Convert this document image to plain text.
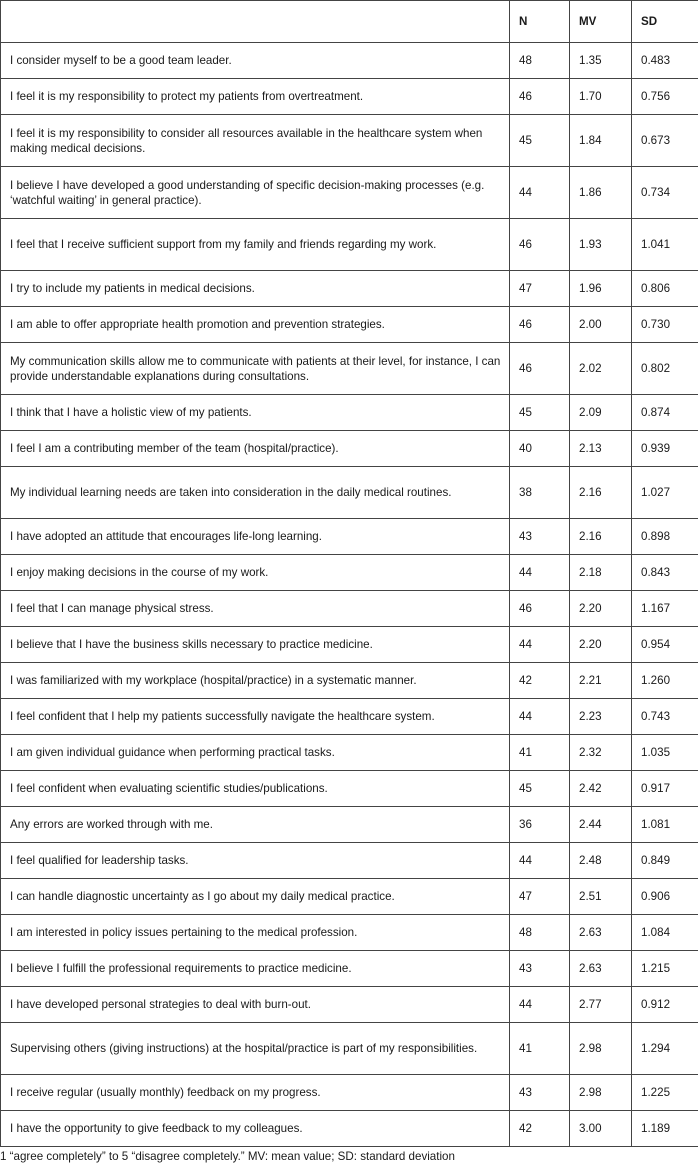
	N	MV	SD
I consider myself to be a good team leader.	48	1.35	0.483
I feel it is my responsibility to protect my patients from overtreatment.	46	1.70	0.756
I feel it is my responsibility to consider all resources available in the healthcare system when making medical decisions.	45	1.84	0.673
I believe I have developed a good understanding of specific decision-making processes (e.g. ‘watchful waiting’ in general practice).	44	1.86	0.734
I feel that I receive sufficient support from my family and friends regarding my work.	46	1.93	1.041
I try to include my patients in medical decisions.	47	1.96	0.806
I am able to offer appropriate health promotion and prevention strategies.	46	2.00	0.730
My communication skills allow me to communicate with patients at their level, for instance, I can provide understandable explanations during consultations.	46	2.02	0.802
I think that I have a holistic view of my patients.	45	2.09	0.874
I feel I am a contributing member of the team (hospital/practice).	40	2.13	0.939
My individual learning needs are taken into consideration in the daily medical routines.	38	2.16	1.027
I have adopted an attitude that encourages life-long learning.	43	2.16	0.898
I enjoy making decisions in the course of my work.	44	2.18	0.843
I feel that I can manage physical stress.	46	2.20	1.167
I believe that I have the business skills necessary to practice medicine.	44	2.20	0.954
I was familiarized with my workplace (hospital/practice) in a systematic manner.	42	2.21	1.260
I feel confident that I help my patients successfully navigate the healthcare system.	44	2.23	0.743
I am given individual guidance when performing practical tasks.	41	2.32	1.035
I feel confident when evaluating scientific studies/publications.	45	2.42	0.917
Any errors are worked through with me.	36	2.44	1.081
I feel qualified for leadership tasks.	44	2.48	0.849
I can handle diagnostic uncertainty as I go about my daily medical practice.	47	2.51	0.906
I am interested in policy issues pertaining to the medical profession.	48	2.63	1.084
I believe I fulfill the professional requirements to practice medicine.	43	2.63	1.215
I have developed personal strategies to deal with burn-out.	44	2.77	0.912
Supervising others (giving instructions) at the hospital/practice is part of my responsibilities.	41	2.98	1.294
I receive regular (usually monthly) feedback on my progress.	43	2.98	1.225
I have the opportunity to give feedback to my colleagues.	42	3.00	1.189
1 “agree completely” to 5 “disagree completely.” MV: mean value; SD: standard deviation
